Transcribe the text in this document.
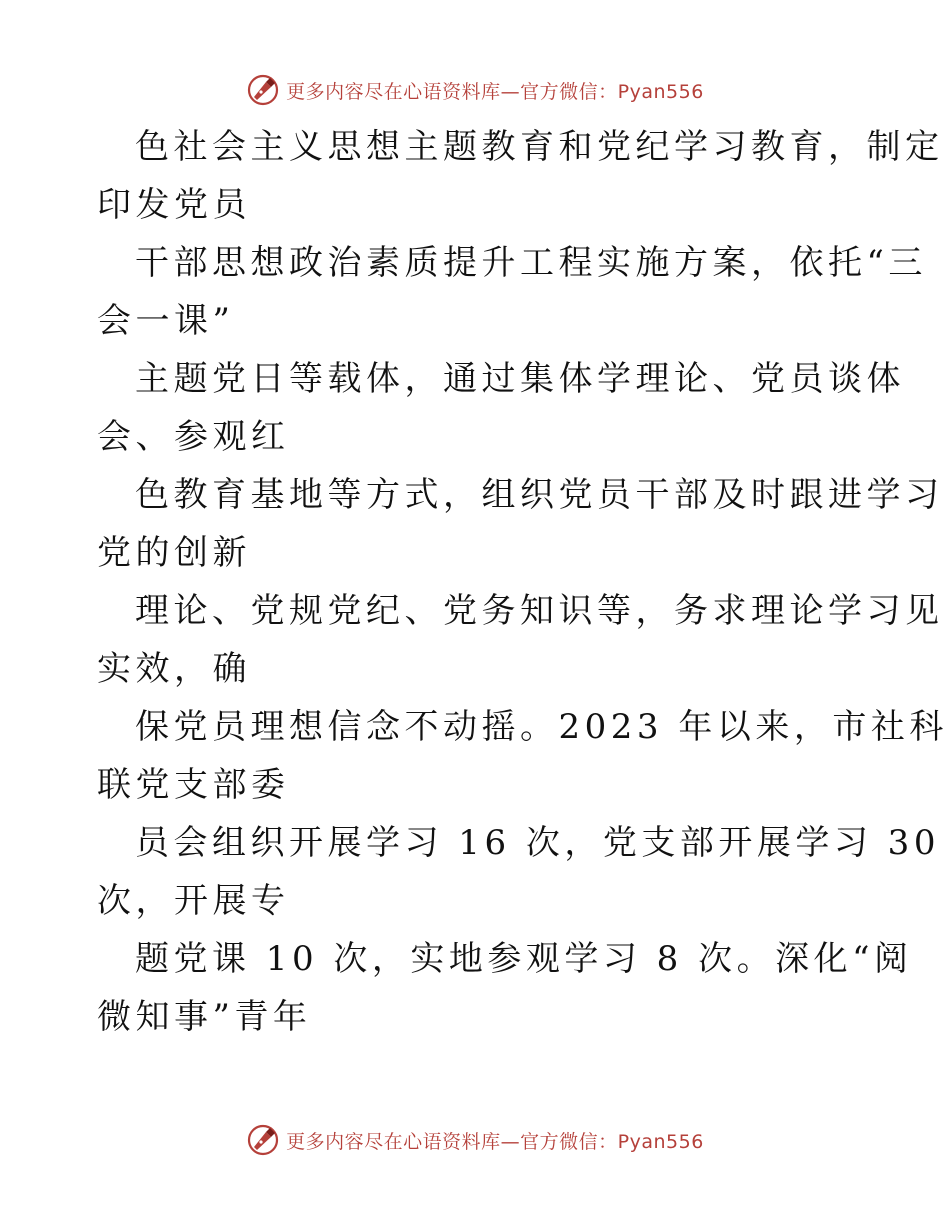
更多内容尽在心语资料库—官方微信：Pyan556
色社会主义思想主题教育和党纪学习教育，制定
印发党员
干部思想政治素质提升工程实施方案，依托“三
会一课”
主题党日等载体，通过集体学理论、党员谈体
会、参观红
色教育基地等方式，组织党员干部及时跟进学习
党的创新
理论、党规党纪、党务知识等，务求理论学习见
实效，确
保党员理想信念不动摇。2023 年以来，市社科
联党支部委
员会组织开展学习 16 次，党支部开展学习 30
次，开展专
题党课 10 次，实地参观学习 8 次。深化“阅
微知事”青年
更多内容尽在心语资料库—官方微信：Pyan556
